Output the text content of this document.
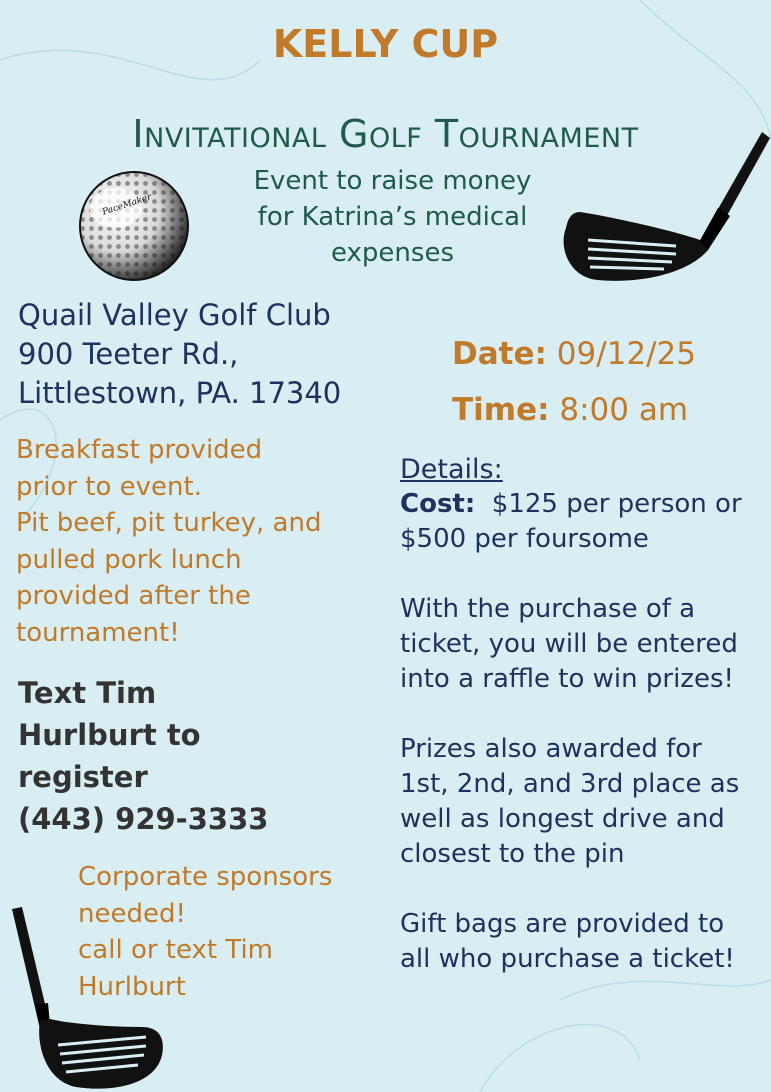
KELLY CUP
Invitational Golf Tournament
Event to raise money
for Katrina’s medical
expenses
PaceMaker
Quail Valley Golf Club
900 Teeter Rd.,
Littlestown, PA. 17340
Date: 09/12/25
Time: 8:00 am
Breakfast provided
prior to event.
Pit beef, pit turkey, and
pulled pork lunch
provided after the
tournament!
Text Tim
Hurlburt to
register
(443) 929-3333
Corporate sponsors
needed!
call or text Tim
Hurlburt
Details:

Cost: $125 per person or
$500 per foursome

With the purchase of a
ticket, you will be entered
into a raffle to win prizes!

Prizes also awarded for
1st, 2nd, and 3rd place as
well as longest drive and
closest to the pin

Gift bags are provided to
all who purchase a ticket!
